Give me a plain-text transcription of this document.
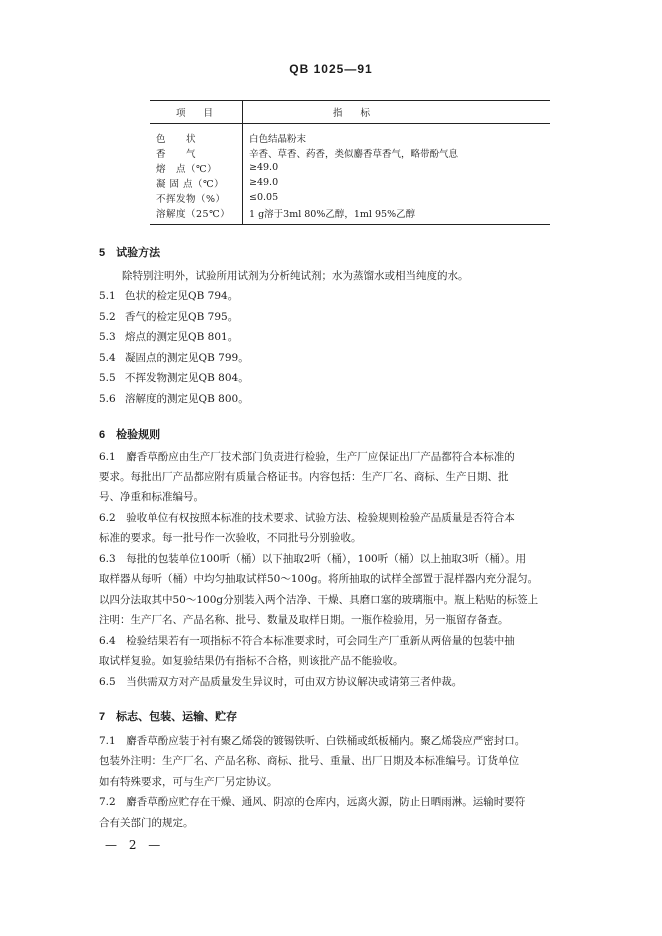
QB 1025—91
项目	指标
色　　状	白色结晶粉末
香　　气	辛香、草香、药香，类似麝香草香气，略带酚气息
熔　点（℃）	≥49.0
凝 固 点（℃）	≥49.0
不挥发物（%）	≤0.05
溶解度（25℃）	1 g溶于3ml 80%乙醇，1ml 95%乙醇
5　试验方法
除特别注明外，试验所用试剂为分析纯试剂；水为蒸馏水或相当纯度的水。
5.1 色状的检定见QB 794。
5.2 香气的检定见QB 795。
5.3 熔点的测定见QB 801。
5.4 凝固点的测定见QB 799。
5.5 不挥发物测定见QB 804。
5.6 溶解度的测定见QB 800。
6　检验规则
6.1　麝香草酚应由生产厂技术部门负责进行检验，生产厂应保证出厂产品都符合本标准的
要求。每批出厂产品都应附有质量合格证书。内容包括：生产厂名、商标、生产日期、批
号、净重和标准编号。
6.2　验收单位有权按照本标准的技术要求、试验方法、检验规则检验产品质量是否符合本
标准的要求。每一批号作一次验收，不同批号分别验收。
6.3　每批的包装单位100听（桶）以下抽取2听（桶），100听（桶）以上抽取3听（桶）。用
取样器从每听（桶）中均匀抽取试样50～100g。将所抽取的试样全部置于混样器内充分混匀。
以四分法取其中50～100g分别装入两个洁净、干燥、具磨口塞的玻璃瓶中。瓶上粘贴的标签上
注明：生产厂名、产品名称、批号、数量及取样日期。一瓶作检验用，另一瓶留存备查。
6.4　检验结果若有一项指标不符合本标准要求时，可会同生产厂重新从两倍量的包装中抽
取试样复验。如复验结果仍有指标不合格，则该批产品不能验收。
6.5　当供需双方对产品质量发生异议时，可由双方协议解决或请第三者仲裁。
7　标志、包装、运输、贮存
7.1　麝香草酚应装于衬有聚乙烯袋的镀锡铁听、白铁桶或纸板桶内。聚乙烯袋应严密封口。
包装外注明：生产厂名、产品名称、商标、批号、重量、出厂日期及本标准编号。订货单位
如有特殊要求，可与生产厂另定协议。
7.2　麝香草酚应贮存在干燥、通风、阴凉的仓库内，远离火源，防止日晒雨淋。运输时要符
合有关部门的规定。
— 2 —
